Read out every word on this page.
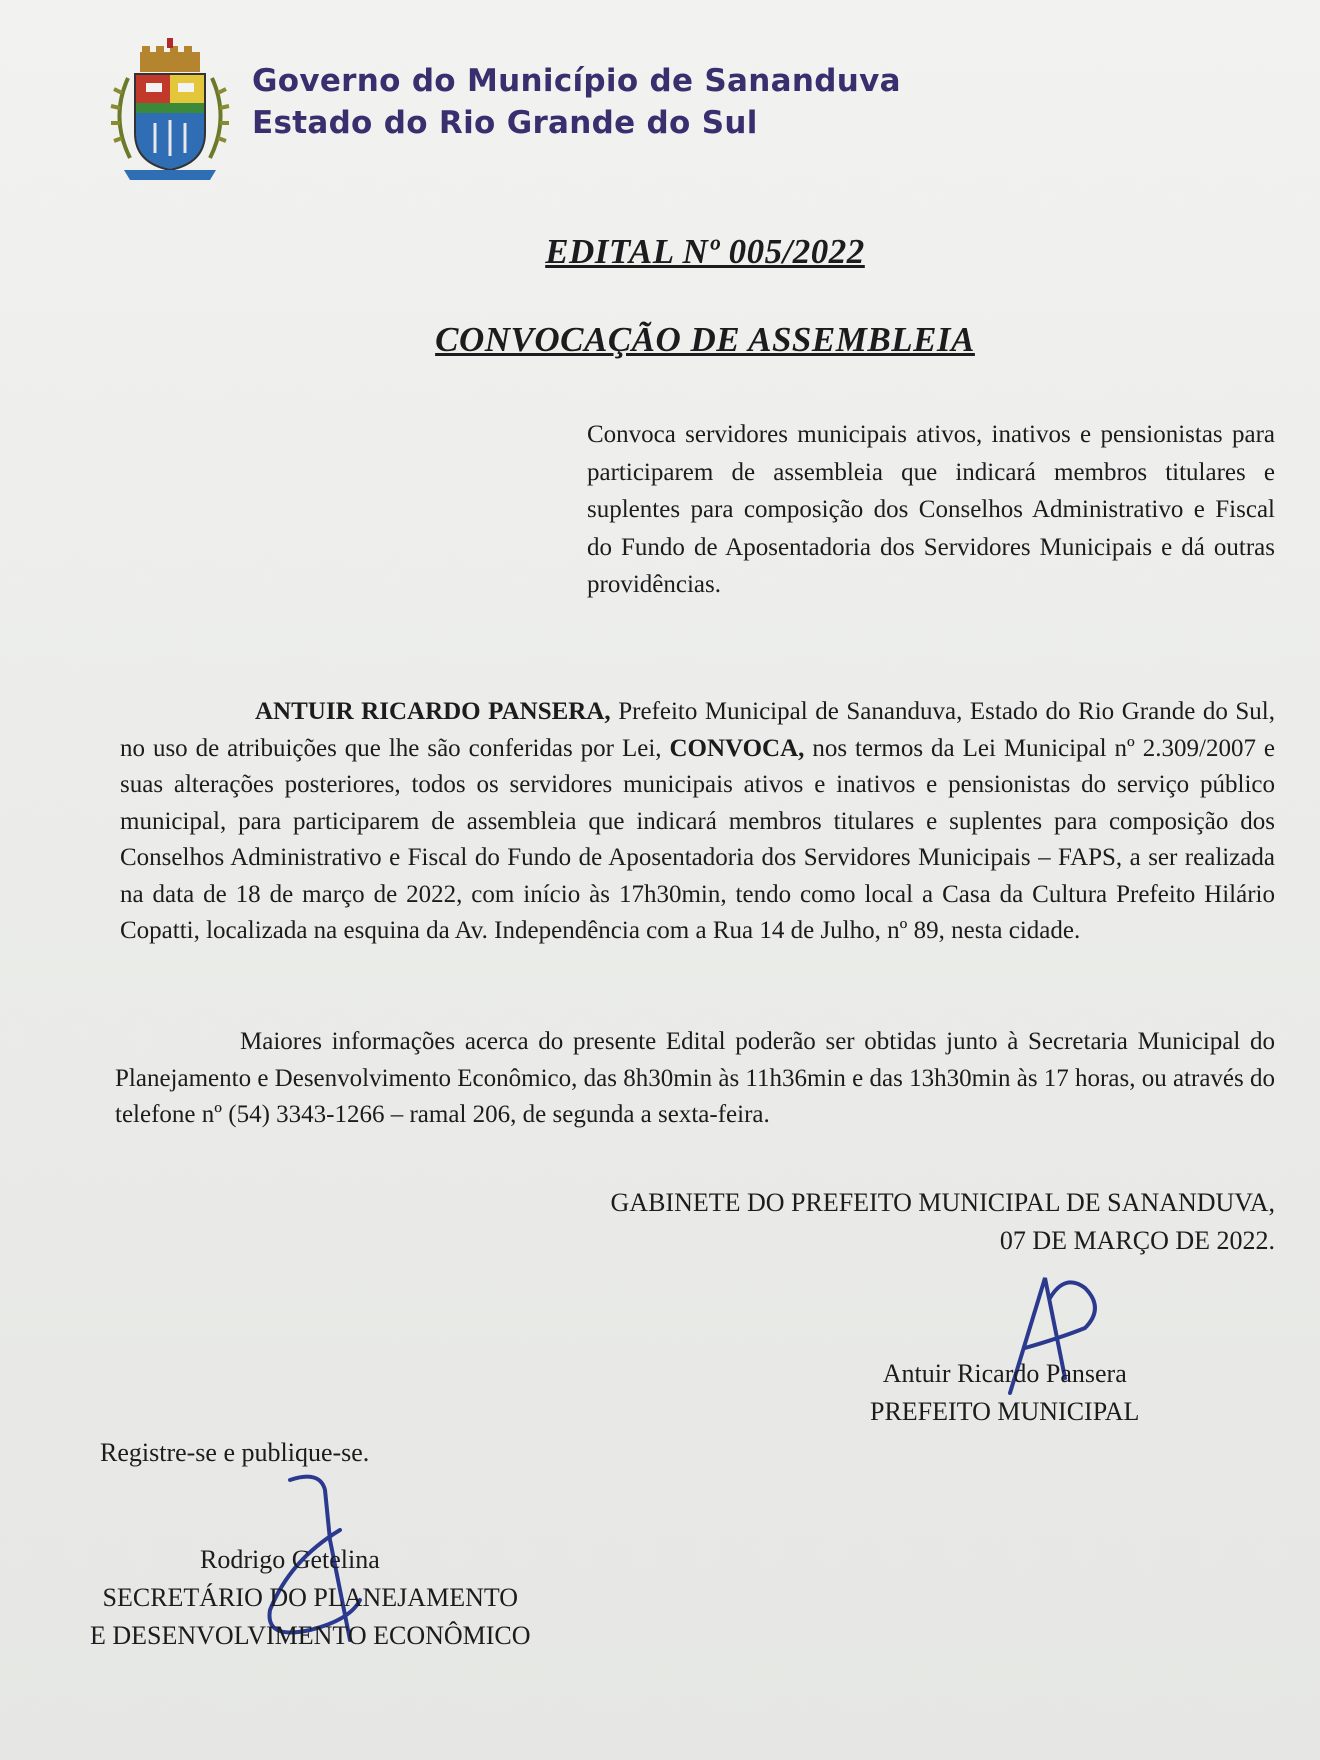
Governo do Município de Sananduva
Estado do Rio Grande do Sul
EDITAL Nº 005/2022
CONVOCAÇÃO DE ASSEMBLEIA
Convoca servidores municipais ativos, inativos e pensionistas para participarem de assembleia que indicará membros titulares e suplentes para composição dos Conselhos Administrativo e Fiscal do Fundo de Aposentadoria dos Servidores Municipais e dá outras providências.
ANTUIR RICARDO PANSERA, Prefeito Municipal de Sananduva, Estado do Rio Grande do Sul, no uso de atribuições que lhe são conferidas por Lei, CONVOCA, nos termos da Lei Municipal nº 2.309/2007 e suas alterações posteriores, todos os servidores municipais ativos e inativos e pensionistas do serviço público municipal, para participarem de assembleia que indicará membros titulares e suplentes para composição dos Conselhos Administrativo e Fiscal do Fundo de Aposentadoria dos Servidores Municipais – FAPS, a ser realizada na data de 18 de março de 2022, com início às 17h30min, tendo como local a Casa da Cultura Prefeito Hilário Copatti, localizada na esquina da Av. Independência com a Rua 14 de Julho, nº 89, nesta cidade.
Maiores informações acerca do presente Edital poderão ser obtidas junto à Secretaria Municipal do Planejamento e Desenvolvimento Econômico, das 8h30min às 11h36min e das 13h30min às 17 horas, ou através do telefone nº (54) 3343-1266 – ramal 206, de segunda a sexta-feira.
GABINETE DO PREFEITO MUNICIPAL DE SANANDUVA,
07 DE MARÇO DE 2022.
Antuir Ricardo Pansera
PREFEITO MUNICIPAL
Registre-se e publique-se.
Rodrigo Getelina
SECRETÁRIO DO PLANEJAMENTO
E DESENVOLVIMENTO ECONÔMICO
